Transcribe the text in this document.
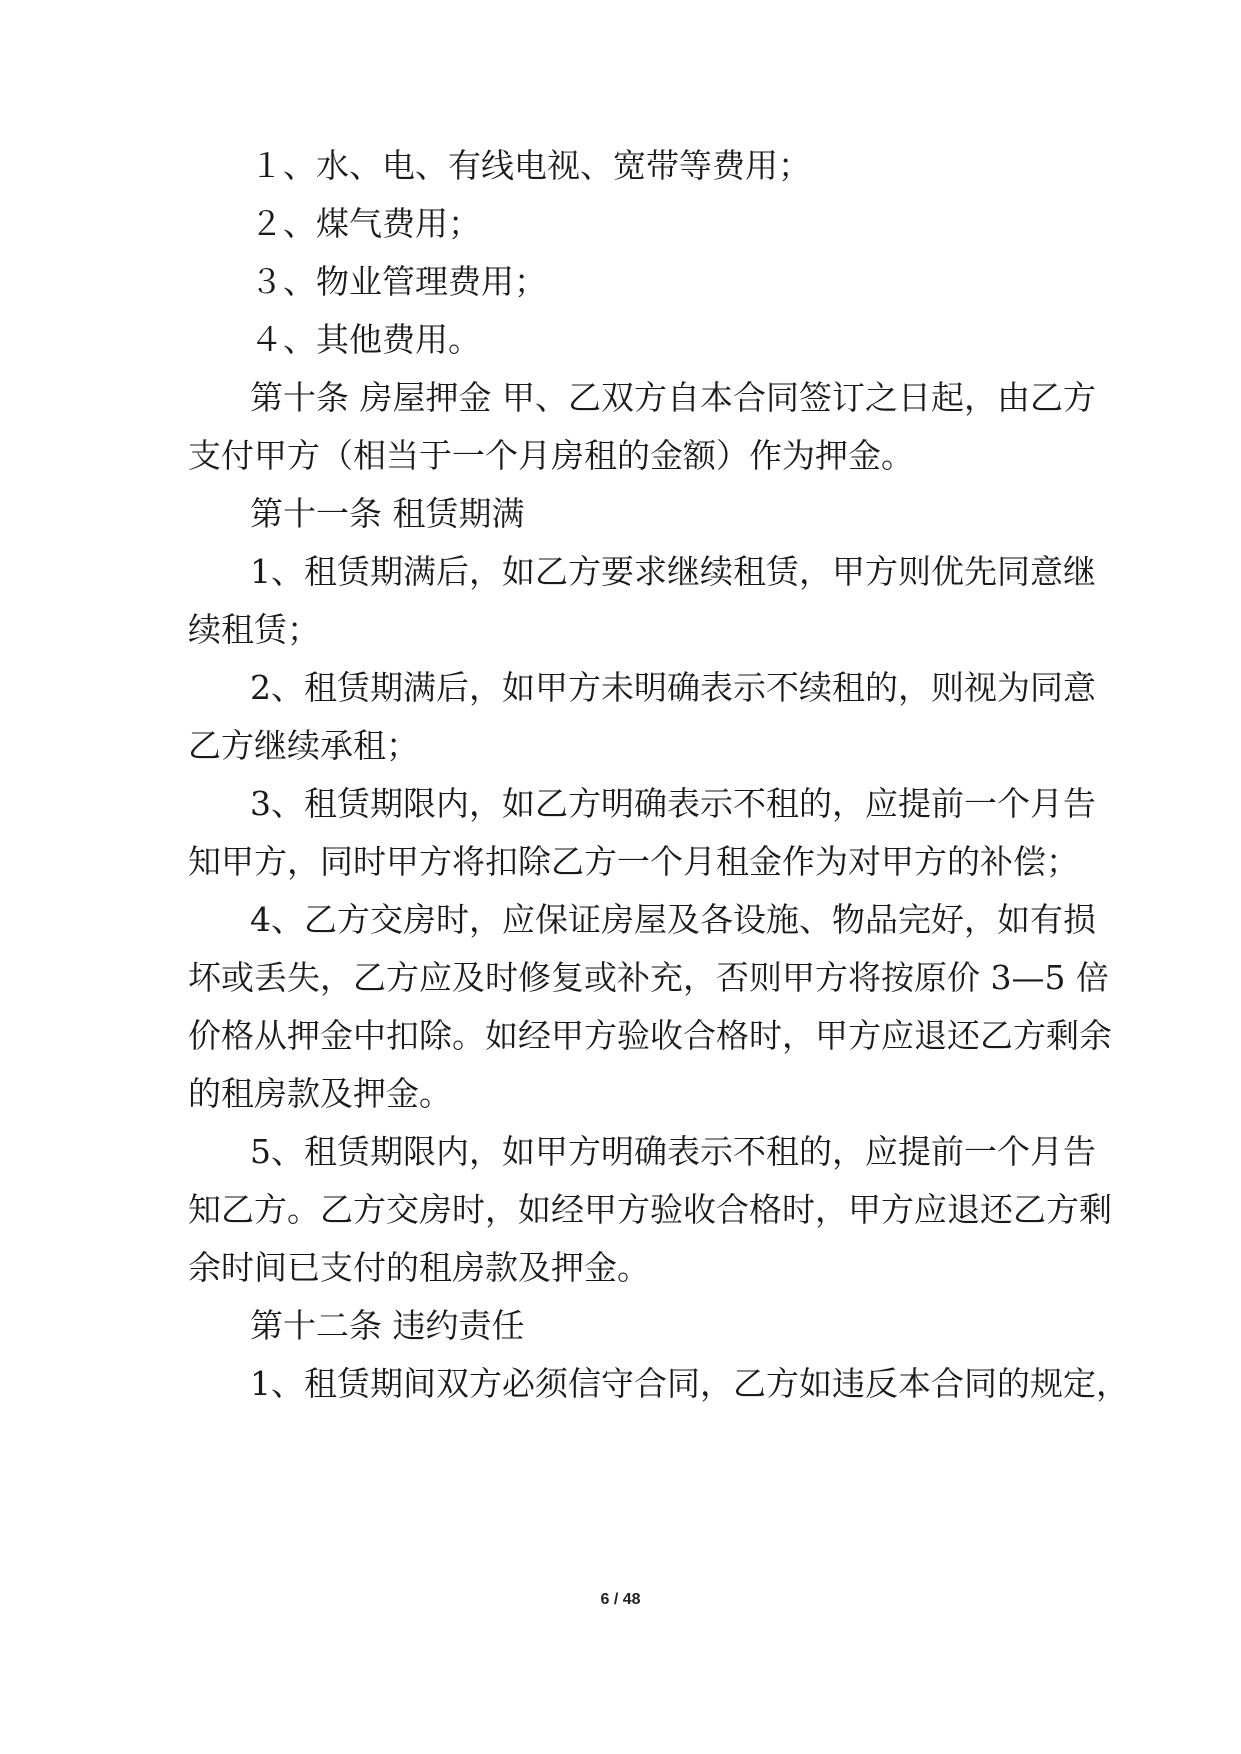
１、水、电、有线电视、宽带等费用；
２、煤气费用；
３、物业管理费用；
４、其他费用。
第十条 房屋押金 甲、乙双方自本合同签订之日起，由乙方
支付甲方（相当于一个月房租的金额）作为押金。
第十一条 租赁期满
1、租赁期满后，如乙方要求继续租赁，甲方则优先同意继
续租赁；
2、租赁期满后，如甲方未明确表示不续租的，则视为同意
乙方继续承租；
3、租赁期限内，如乙方明确表示不租的，应提前一个月告
知甲方，同时甲方将扣除乙方一个月租金作为对甲方的补偿；
4、乙方交房时，应保证房屋及各设施、物品完好，如有损
坏或丢失，乙方应及时修复或补充，否则甲方将按原价 3—5 倍
价格从押金中扣除。如经甲方验收合格时，甲方应退还乙方剩余
的租房款及押金。
5、租赁期限内，如甲方明确表示不租的，应提前一个月告
知乙方。乙方交房时，如经甲方验收合格时，甲方应退还乙方剩
余时间已支付的租房款及押金。
第十二条 违约责任
1、租赁期间双方必须信守合同，乙方如违反本合同的规定，
6 / 48
